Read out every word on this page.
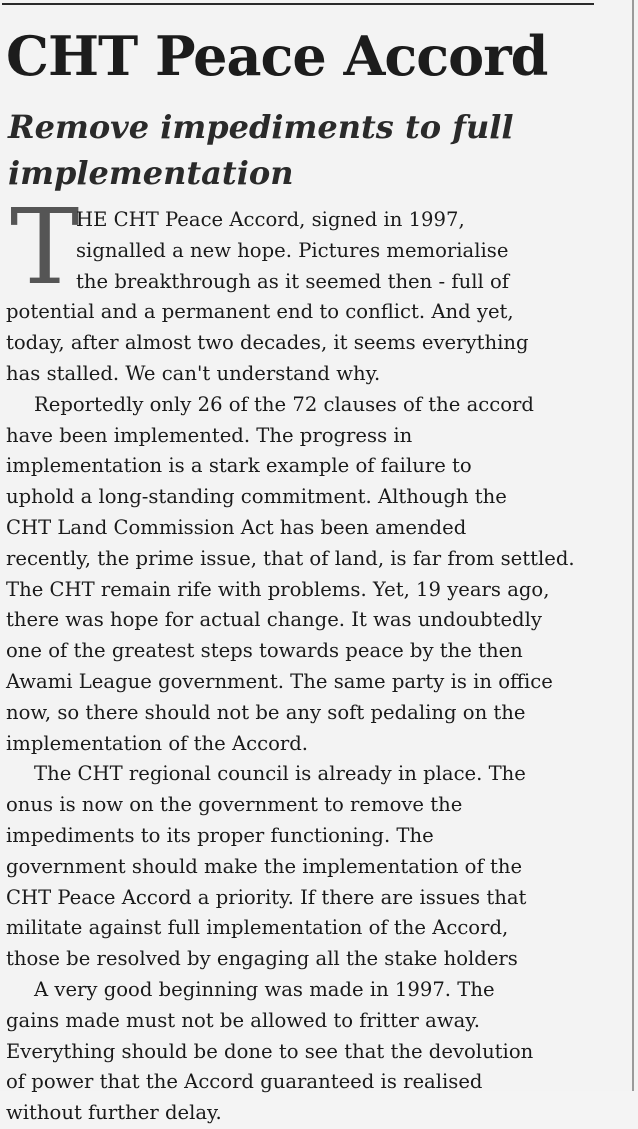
CHT Peace Accord
Remove impediments to full implementation
T
HE CHT Peace Accord, signed in 1997,
signalled a new hope. Pictures memorialise
the breakthrough as it seemed then - full of
potential and a permanent end to conflict. And yet,
today, after almost two decades, it seems everything
has stalled. We can't understand why.
Reportedly only 26 of the 72 clauses of the accord
have been implemented. The progress in
implementation is a stark example of failure to
uphold a long-standing commitment. Although the
CHT Land Commission Act has been amended
recently, the prime issue, that of land, is far from settled.
The CHT remain rife with problems. Yet, 19 years ago,
there was hope for actual change. It was undoubtedly
one of the greatest steps towards peace by the then
Awami League government. The same party is in office
now, so there should not be any soft pedaling on the
implementation of the Accord.
The CHT regional council is already in place. The
onus is now on the government to remove the
impediments to its proper functioning. The
government should make the implementation of the
CHT Peace Accord a priority. If there are issues that
militate against full implementation of the Accord,
those be resolved by engaging all the stake holders
A very good beginning was made in 1997. The
gains made must not be allowed to fritter away.
Everything should be done to see that the devolution
of power that the Accord guaranteed is realised
without further delay.
